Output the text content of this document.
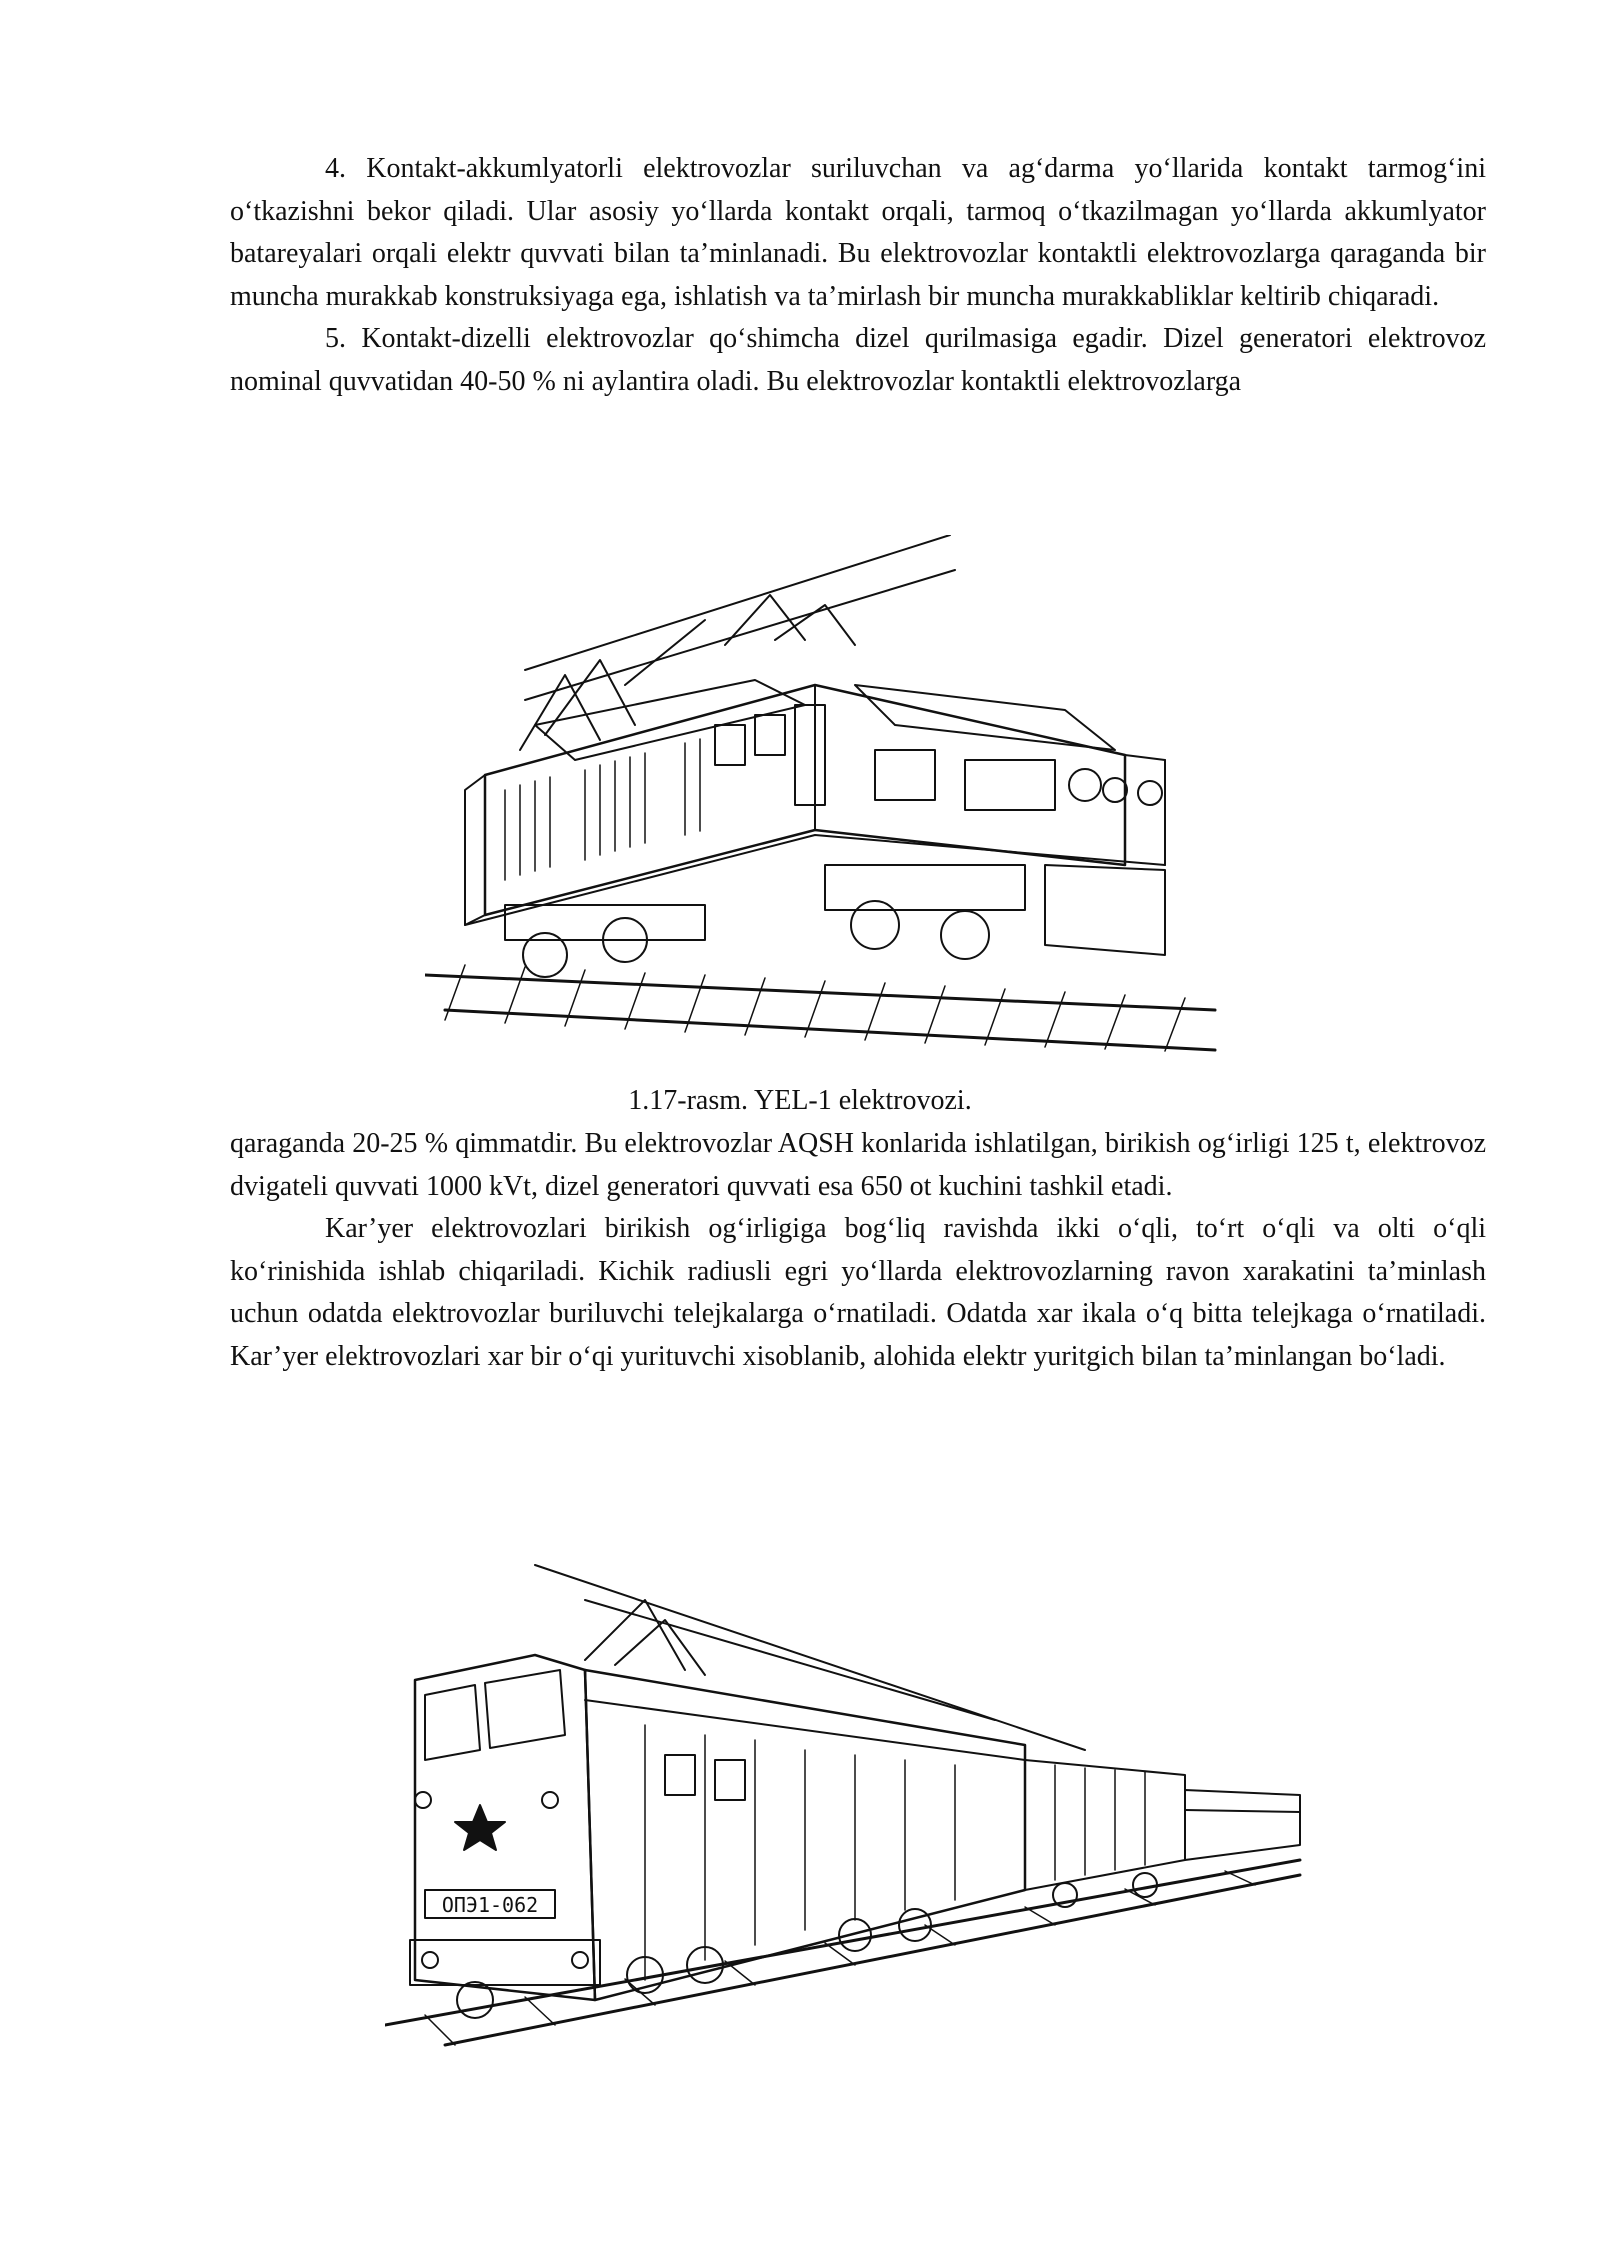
4. Kontakt-akkumlyatorli elektrovozlar suriluvchan va ag‘darma yo‘llarida kontakt tarmog‘ini o‘tkazishni bekor qiladi. Ular asosiy yo‘llarda kontakt orqali, tarmoq o‘tkazilmagan yo‘llarda akkumlyator batareyalari orqali elektr quvvati bilan ta’minlanadi. Bu elektrovozlar kontaktli elektrovozlarga qaraganda bir muncha murakkab konstruksiyaga ega, ishlatish va ta’mirlash bir muncha murakkabliklar keltirib chiqaradi.

5. Kontakt-dizelli elektrovozlar qo‘shimcha dizel qurilmasiga egadir. Dizel generatori elektrovoz nominal quvvatidan 40-50 % ni aylantira oladi. Bu elektrovozlar kontaktli elektrovozlarga

1.17-rasm. YEL-1 elektrovozi.

qaraganda 20-25 % qimmatdir. Bu elektrovozlar AQSH konlarida ishlatilgan, birikish og‘irligi 125 t, elektrovoz dvigateli quvvati 1000 kVt, dizel generatori quvvati esa 650 ot kuchini tashkil etadi.

Kar’yer elektrovozlari birikish og‘irligiga bog‘liq ravishda ikki o‘qli, to‘rt o‘qli va olti o‘qli ko‘rinishida ishlab chiqariladi. Kichik radiusli egri yo‘llarda elektrovozlarning ravon xarakatini ta’minlash uchun odatda elektrovozlar buriluvchi telejkalarga o‘rnatiladi. Odatda xar ikala o‘q bitta telejkaga o‘rnatiladi. Kar’yer elektrovozlari xar bir o‘qi yurituvchi xisoblanib, alohida elektr yuritgich bilan ta’minlangan bo‘ladi.

OПЭ1-062
